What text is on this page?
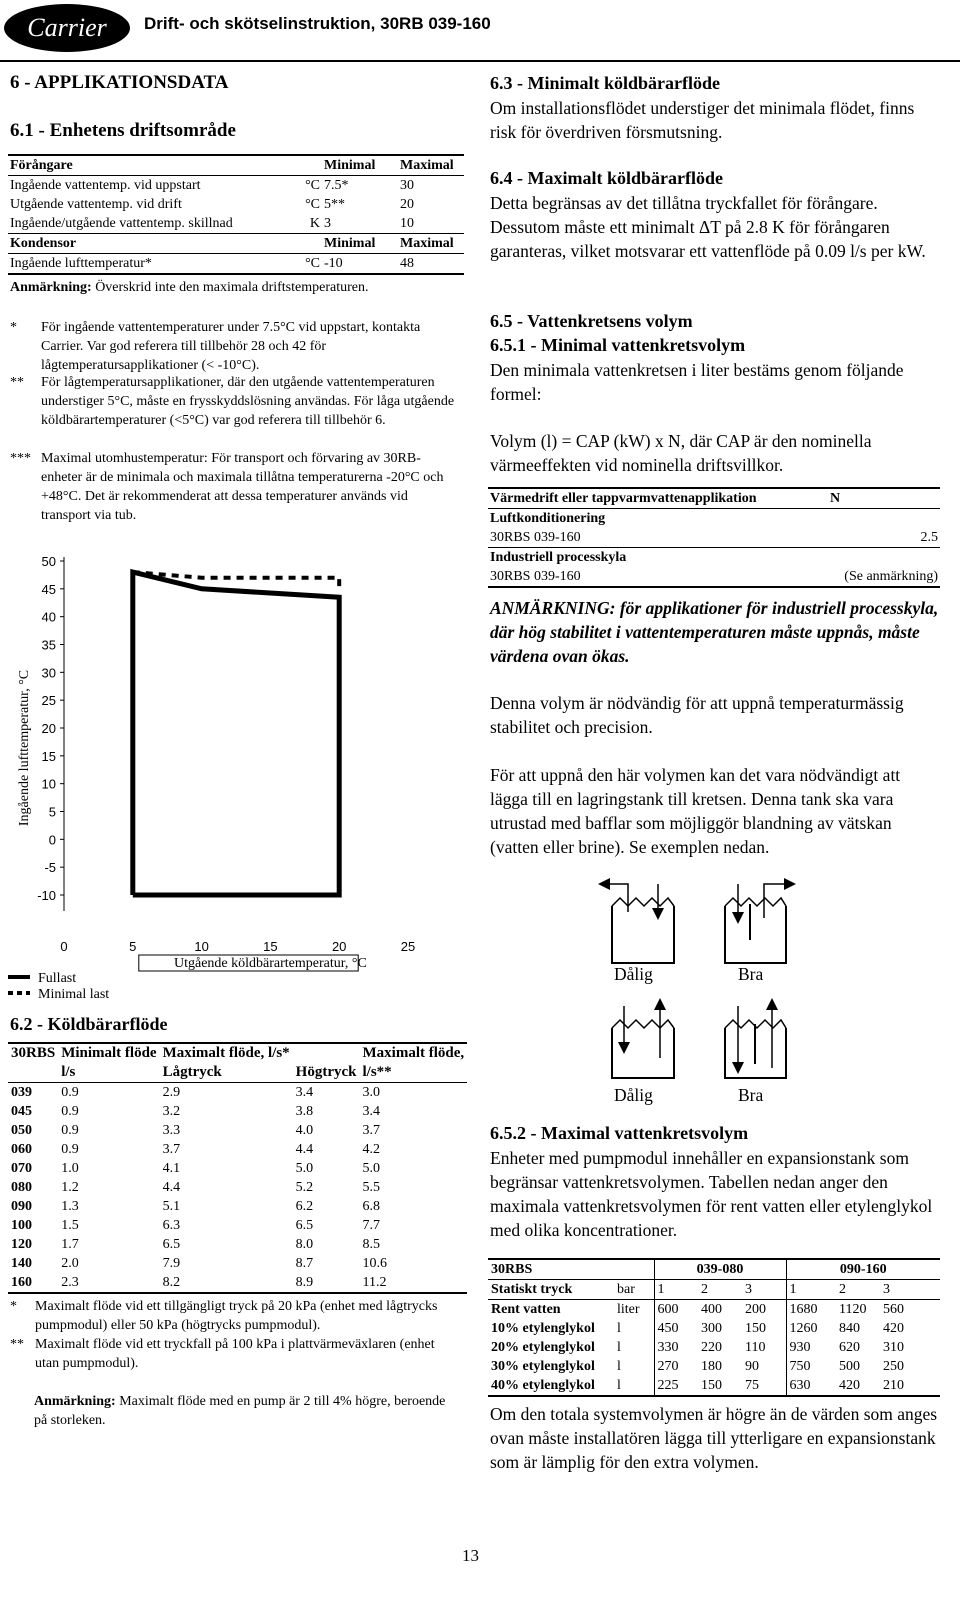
Carrier Drift- och skötselinstruktion, 30RB 039-160
6 - APPLIKATIONSDATA
6.1 - Enhetens driftsområde
Förångare		Minimal	Maximal
Ingående vattentemp. vid uppstart	°C	7.5*	30
Utgående vattentemp. vid drift	°C	5**	20
Ingående/utgående vattentemp. skillnad	K	3	10
Kondensor		Minimal	Maximal
Ingående lufttemperatur*	°C	-10	48
Anmärkning: Överskrid inte den maximala driftstemperaturen.
* För ingående vattentemperaturer under 7.5°C vid uppstart, kontakta Carrier. Var god referera till tillbehör 28 och 42 för lågtemperatursapplikationer (< -10°C).
** För lågtemperatursapplikationer, där den utgående vattentemperaturen understiger 5°C, måste en frysskyddslösning användas. För låga utgående köldbärartemperaturer (<5°C) var god referera till tillbehör 6.
*** Maximal utomhustemperatur: För transport och förvaring av 30RB-enheter är de minimala och maximala tillåtna temperaturerna -20°C och +48°C. Det är rekommenderat att dessa temperaturer används vid transport via tub.
50
45
40
35
30
25
20
15
10
5
0
-5
-10
0	5	10	15	20	25
Ingående lufttemperatur, °C
Utgående köldbärartemperatur, °C
Fullast
Minimal last
6.2 - Köldbärarflöde
30RBS	Minimalt flöde	Maximalt flöde, l/s*		Maximalt flöde,
	l/s	Lågtryck	Högtryck	l/s**
039	0.9	2.9	3.4	3.0
045	0.9	3.2	3.8	3.4
050	0.9	3.3	4.0	3.7
060	0.9	3.7	4.4	4.2
070	1.0	4.1	5.0	5.0
080	1.2	4.4	5.2	5.5
090	1.3	5.1	6.2	6.8
100	1.5	6.3	6.5	7.7
120	1.7	6.5	8.0	8.5
140	2.0	7.9	8.7	10.6
160	2.3	8.2	8.9	11.2
* Maximalt flöde vid ett tillgängligt tryck på 20 kPa (enhet med lågtrycks pumpmodul) eller 50 kPa (högtrycks pumpmodul).
** Maximalt flöde vid ett tryckfall på 100 kPa i plattvärmeväxlaren (enhet utan pumpmodul).
Anmärkning: Maximalt flöde med en pump är 2 till 4% högre, beroende på storleken.
6.3 - Minimalt köldbärarflöde
Om installationsflödet understiger det minimala flödet, finns risk för överdriven försmutsning.
6.4 - Maximalt köldbärarflöde
Detta begränsas av det tillåtna tryckfallet för förångare. Dessutom måste ett minimalt ΔT på 2.8 K för förångaren garanteras, vilket motsvarar ett vattenflöde på 0.09 l/s per kW.
6.5 - Vattenkretsens volym
6.5.1 - Minimal vattenkretsvolym
Den minimala vattenkretsen i liter bestäms genom följande formel:
Volym (l) = CAP (kW) x N, där CAP är den nominella värmeeffekten vid nominella driftsvillkor.
Värmedrift eller tappvarmvattenapplikation	N
Luftkonditionering	
30RBS 039-160	2.5
Industriell processkyla	
30RBS 039-160	(Se anmärkning)
ANMÄRKNING: för applikationer för industriell processkyla, där hög stabilitet i vattentemperaturen måste uppnås, måste värdena ovan ökas.
Denna volym är nödvändig för att uppnå temperaturmässig stabilitet och precision.
För att uppnå den här volymen kan det vara nödvändigt att lägga till en lagringstank till kretsen. Denna tank ska vara utrustad med bafflar som möjliggör blandning av vätskan (vatten eller brine). Se exemplen nedan.
Dålig	Bra
Dålig	Bra
6.5.2 - Maximal vattenkretsvolym
Enheter med pumpmodul innehåller en expansionstank som begränsar vattenkretsvolymen. Tabellen nedan anger den maximala vattenkretsvolymen för rent vatten eller etylenglykol med olika koncentrationer.
30RBS		039-080			090-160		
Statiskt tryck	bar	1	2	3	1	2	3
Rent vatten	liter	600	400	200	1680	1120	560
10% etylenglykol	l	450	300	150	1260	840	420
20% etylenglykol	l	330	220	110	930	620	310
30% etylenglykol	l	270	180	90	750	500	250
40% etylenglykol	l	225	150	75	630	420	210
Om den totala systemvolymen är högre än de värden som anges ovan måste installatören lägga till ytterligare en expansionstank som är lämplig för den extra volymen.
13
